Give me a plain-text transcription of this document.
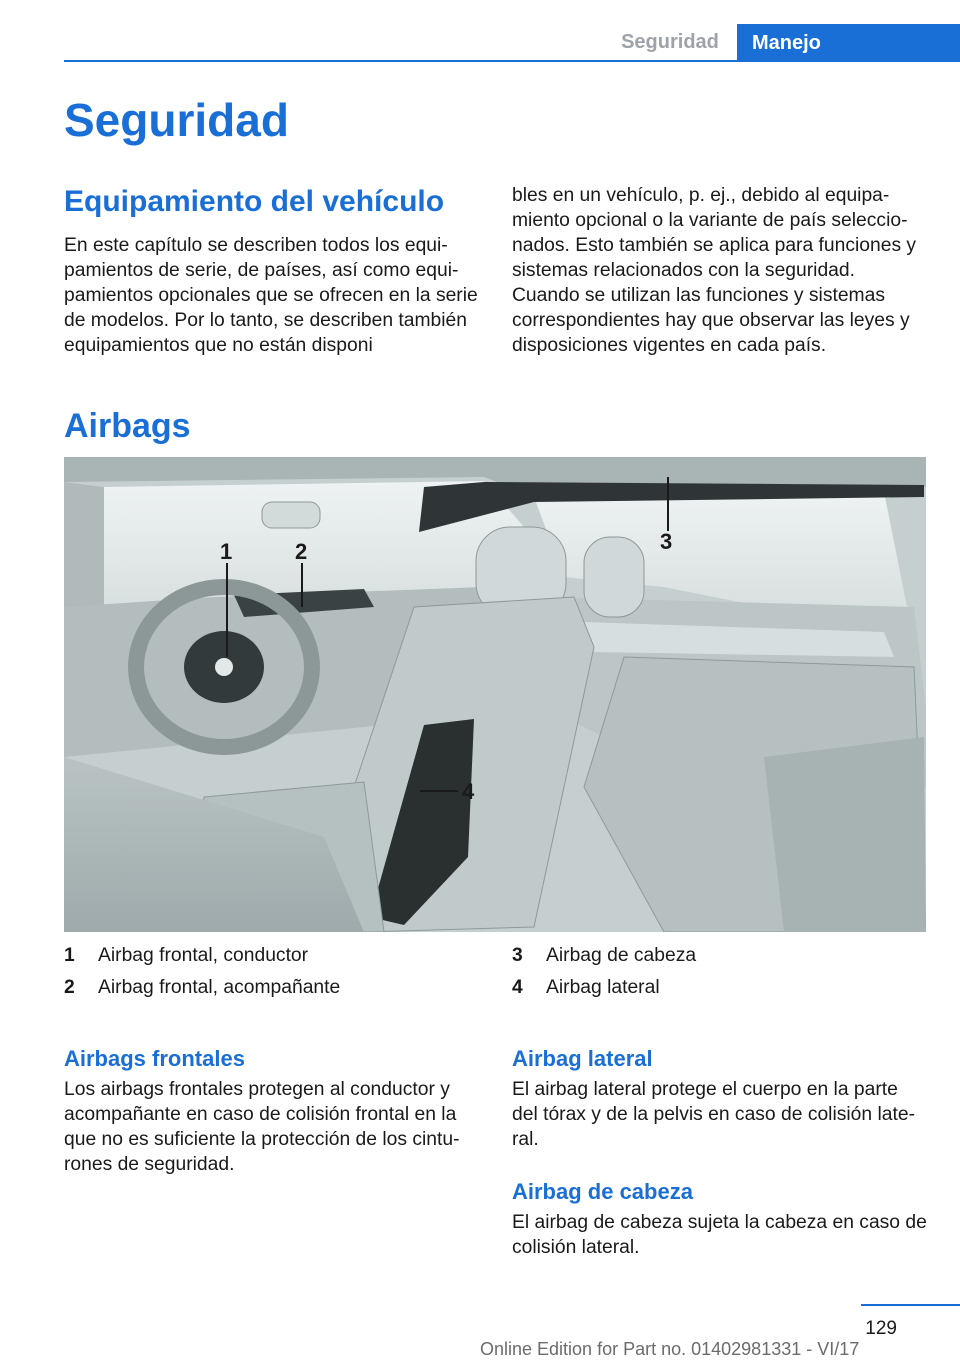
Seguridad	Manejo
Seguridad
Equipamiento del vehículo
En este capítulo se describen todos los equipamientos de serie, de países, así como equipamientos opcionales que se ofrecen en la serie de modelos. Por lo tanto, se describen también equipamientos que no están disponi
bles en un vehículo, p. ej., debido al equipamiento opcional o la variante de país seleccionados. Esto también se aplica para funciones y sistemas relacionados con la seguridad. Cuando se utilizan las funciones y sistemas correspondientes hay que observar las leyes y disposiciones vigentes en cada país.
Airbags
1	2	3
4
1 Airbag frontal, conductor
2 Airbag frontal, acompañante
3 Airbag de cabeza
4 Airbag lateral
Airbags frontales
Los airbags frontales protegen al conductor y acompañante en caso de colisión frontal en la que no es suficiente la protección de los cinturones de seguridad.
Airbag lateral
El airbag lateral protege el cuerpo en la parte del tórax y de la pelvis en caso de colisión lateral.
Airbag de cabeza
El airbag de cabeza sujeta la cabeza en caso de colisión lateral.
129
Online Edition for Part no. 01402981331 - VI/17
